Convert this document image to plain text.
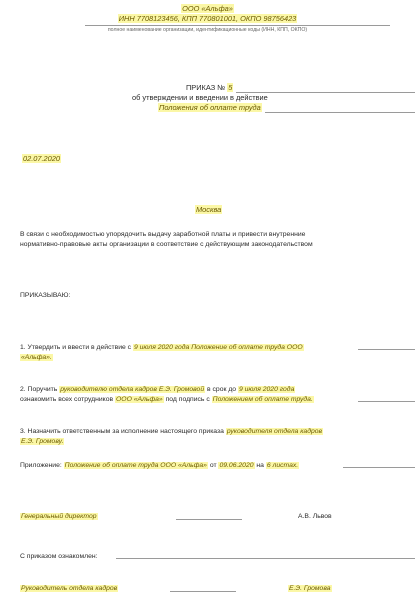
ООО «Альфа»
ИНН 7708123456, КПП 770801001, ОКПО 98756423
полное наименование организации, идентификационные коды (ИНН, КПП, ОКПО)
ПРИКАЗ № 5
об утверждении и введении в действие
Положения об оплате труда
02.07.2020
Москва
В связи с необходимостью упорядочить выдачу заработной платы и привести внутренние
нормативно-правовые акты организации в соответствие с действующим законодательством
ПРИКАЗЫВАЮ:
1. Утвердить и ввести в действие с 9 июля 2020 года Положение об оплате труда ООО
«Альфа».
2. Поручить руководителю отдела кадров Е.Э. Громовой в срок до 9 июля 2020 года
ознакомить всех сотрудников ООО «Альфа» под подпись с Положением об оплате труда.
3. Назначить ответственным за исполнение настоящего приказа руководителя отдела кадров
Е.Э. Громову.
Приложение: Положение об оплате труда ООО «Альфа» от 09.06.2020 на 6 листах.
Генеральный директор	А.В. Львов
С приказом ознакомлен:
Руководитель отдела кадров	Е.Э. Громова
